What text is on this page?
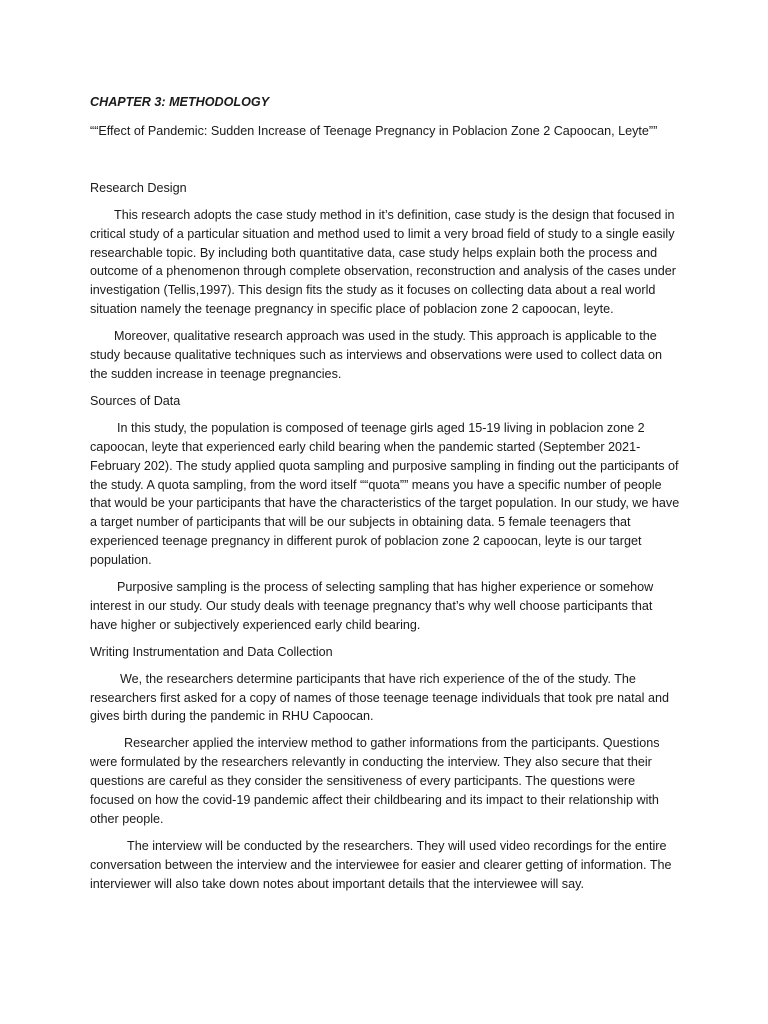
CHAPTER 3: METHODOLOGY
““Effect of Pandemic: Sudden Increase of Teenage Pregnancy in Poblacion Zone 2 Capoocan, Leyte””
Research Design

This research adopts the case study method in it’s definition, case study is the design that focused in critical study of a particular situation and method used to limit a very broad field of study to a single easily researchable topic. By including both quantitative data, case study helps explain both the process and outcome of a phenomenon through complete observation, reconstruction and analysis of the cases under investigation (Tellis,1997). This design fits the study as it focuses on collecting data about a real world situation namely the teenage pregnancy in specific place of poblacion zone 2 capoocan, leyte.

Moreover, qualitative research approach was used in the study. This approach is applicable to the study because qualitative techniques such as interviews and observations were used to collect data on the sudden increase in teenage pregnancies.

Sources of Data

In this study, the population is composed of teenage girls aged 15-19 living in poblacion zone 2 capoocan, leyte that experienced early child bearing when the pandemic started (September 2021-February 202). The study applied quota sampling and purposive sampling in finding out the participants of the study. A quota sampling, from the word itself ““quota”” means you have a specific number of people that would be your participants that have the characteristics of the target population. In our study, we have a target number of participants that will be our subjects in obtaining data. 5 female teenagers that experienced teenage pregnancy in different purok of poblacion zone 2 capoocan, leyte is our target population.

Purposive sampling is the process of selecting sampling that has higher experience or somehow interest in our study. Our study deals with teenage pregnancy that’s why well choose participants that have higher or subjectively experienced early child bearing.

Writing Instrumentation and Data Collection

We, the researchers determine participants that have rich experience of the of the study. The researchers first asked for a copy of names of those teenage teenage individuals that took pre natal and gives birth during the pandemic in RHU Capoocan.

Researcher applied the interview method to gather informations from the participants. Questions were formulated by the researchers relevantly in conducting the interview. They also secure that their questions are careful as they consider the sensitiveness of every participants. The questions were focused on how the covid-19 pandemic affect their childbearing and its impact to their relationship with other people.

The interview will be conducted by the researchers. They will used video recordings for the entire conversation between the interview and the interviewee for easier and clearer getting of information. The interviewer will also take down notes about important details that the interviewee will say.
